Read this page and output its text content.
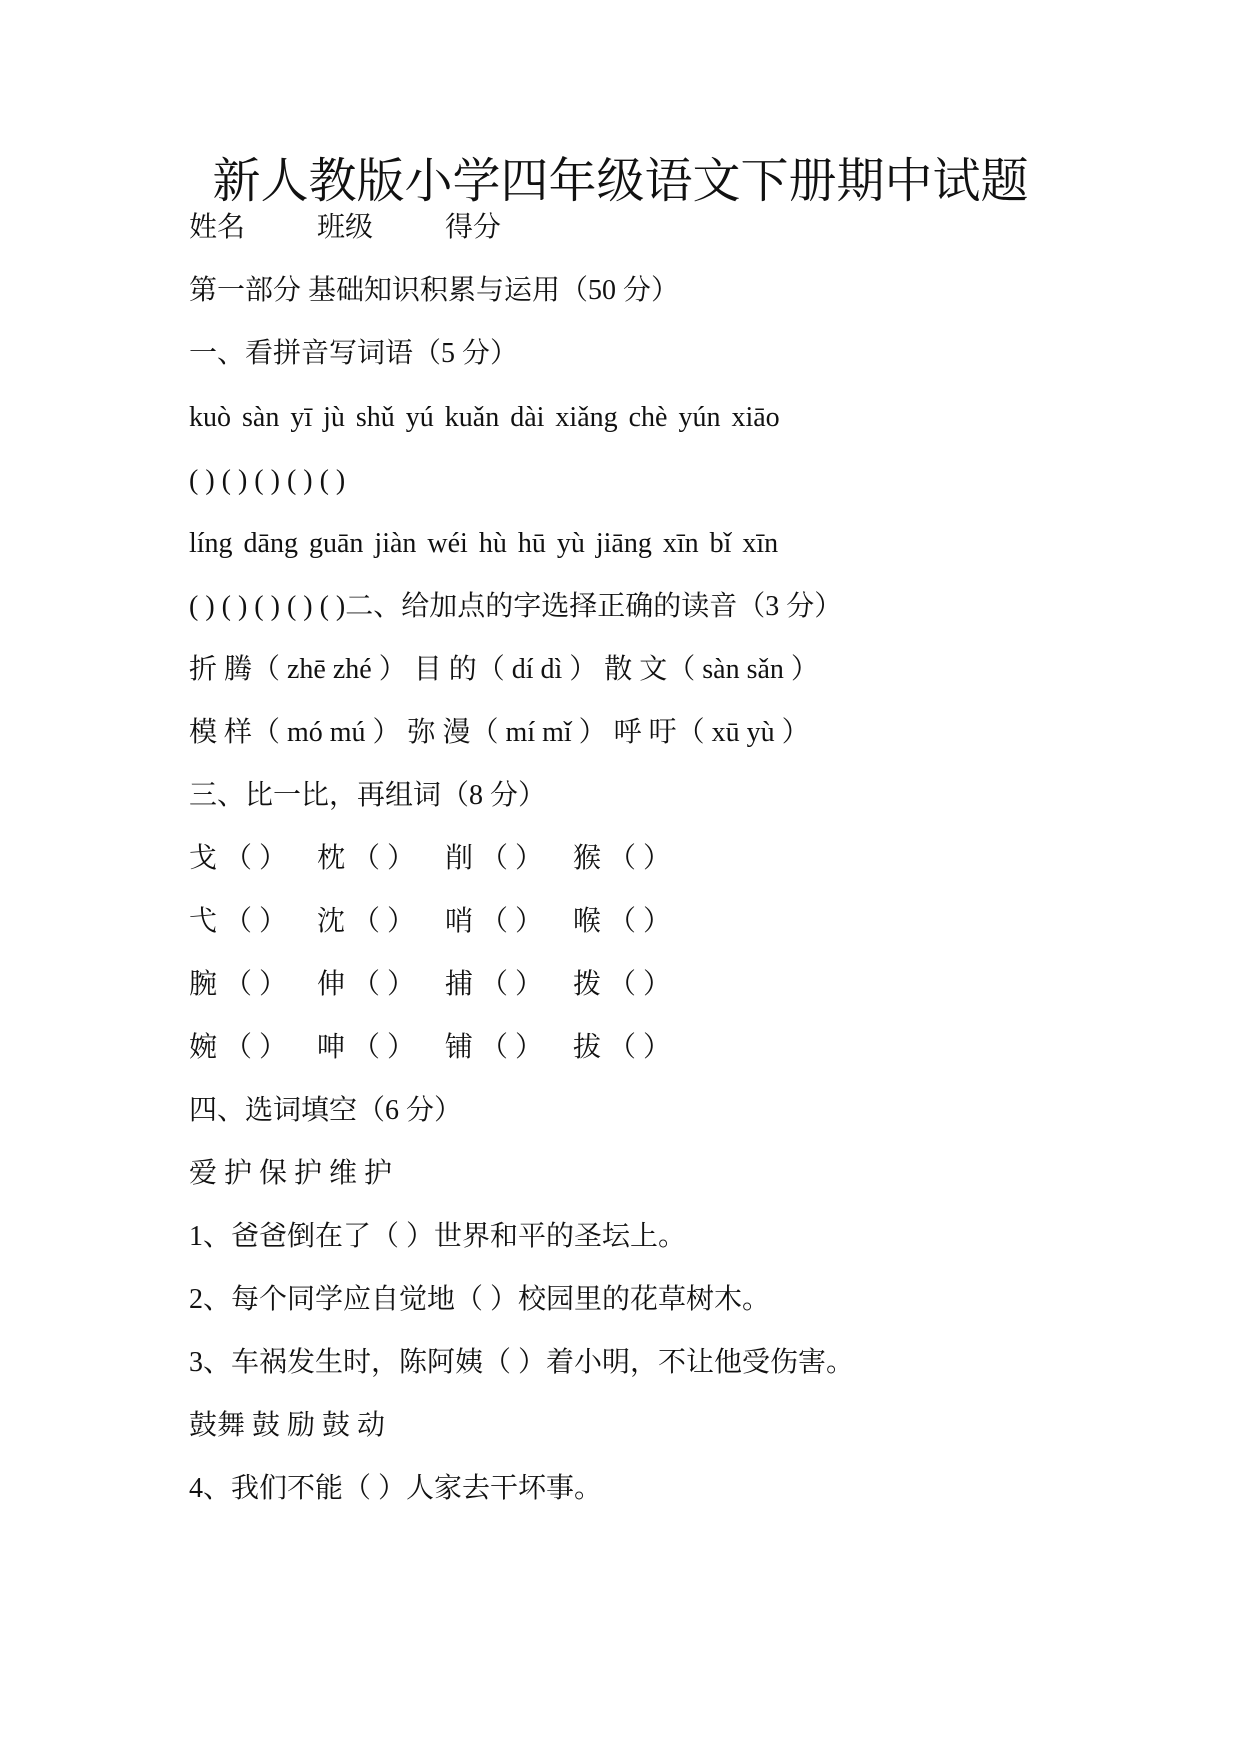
新人教版小学四年级语文下册期中试题
姓名	班级	得分
第一部分 基础知识积累与运用（50 分）
一、看拼音写词语（5 分）
kuò sàn yī jù shǔ yú kuǎn dài xiǎng chè yún xiāo
( ) ( ) ( ) ( ) ( )
líng dāng guān jiàn wéi hù hū yù jiāng xīn bǐ xīn
( ) ( ) ( ) ( ) ( )二、给加点的字选择正确的读音（3 分）
折 腾（ zhē zhé ） 目 的（ dí dì ） 散 文（ sàn sǎn ）
模 样（ mó mú ） 弥 漫（ mí mǐ ） 呼 吁（ xū yù ）
三、比一比，再组词（8 分）
戈 （ ） 枕 （ ） 削 （ ） 猴 （ ）
弋 （ ） 沈 （ ） 哨 （ ） 喉 （ ）
腕 （ ） 伸 （ ） 捕 （ ） 拨 （ ）
婉 （ ） 呻 （ ） 铺 （ ） 拔 （ ）
四、选词填空（6 分）
爱 护 保 护 维 护
1、爸爸倒在了（ ）世界和平的圣坛上。
2、每个同学应自觉地（ ）校园里的花草树木。
3、车祸发生时，陈阿姨（ ）着小明，不让他受伤害。
鼓舞 鼓 励 鼓 动
4、我们不能（ ）人家去干坏事。
